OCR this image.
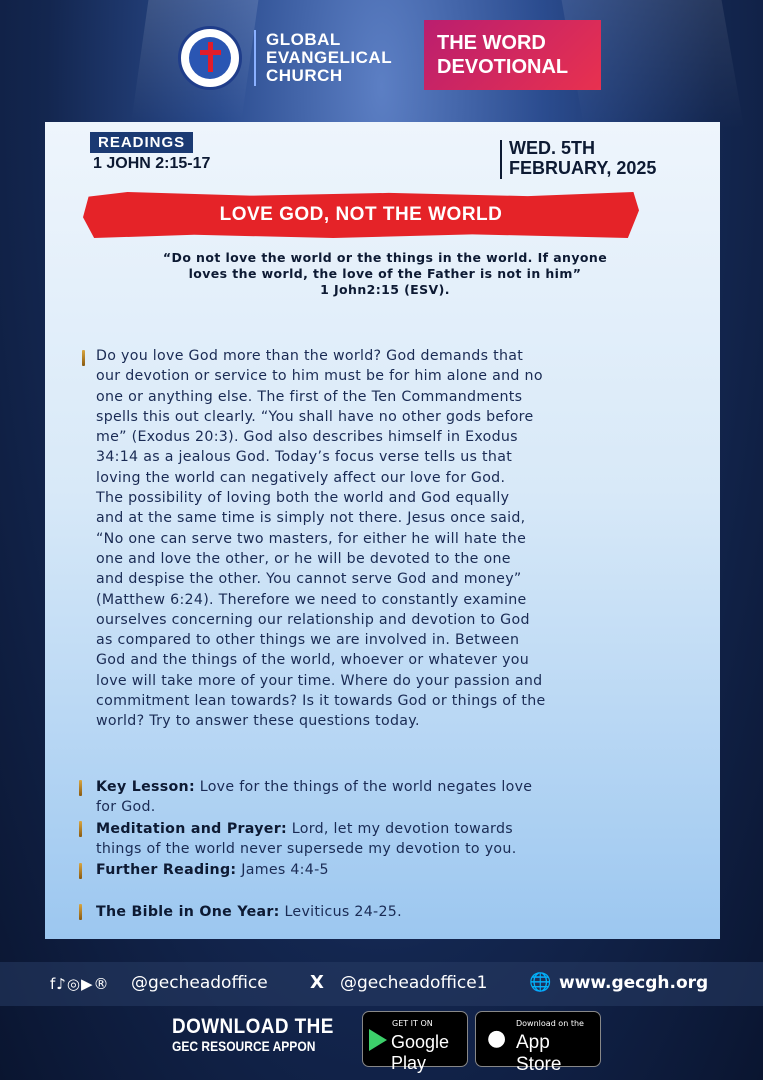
GLOBAL
EVANGELICAL
CHURCH
THE WORD
DEVOTIONAL
READINGS
1 JOHN 2:15-17
WED. 5TH
FEBRUARY, 2025
LOVE GOD, NOT THE WORLD
“Do not love the world or the things in the world. If anyone
loves the world, the love of the Father is not in him”
1 John2:15 (ESV).
Do you love God more than the world? God demands that
our devotion or service to him must be for him alone and no
one or anything else. The first of the Ten Commandments
spells this out clearly. “You shall have no other gods before
me” (Exodus 20:3). God also describes himself in Exodus
34:14 as a jealous God. Today’s focus verse tells us that
loving the world can negatively affect our love for God.
The possibility of loving both the world and God equally
and at the same time is simply not there. Jesus once said,
“No one can serve two masters, for either he will hate the
one and love the other, or he will be devoted to the one
and despise the other. You cannot serve God and money”
(Matthew 6:24). Therefore we need to constantly examine
ourselves concerning our relationship and devotion to God
as compared to other things we are involved in. Between
God and the things of the world, whoever or whatever you
love will take more of your time. Where do your passion and
commitment lean towards? Is it towards God or things of the
world? Try to answer these questions today.
Key Lesson: Love for the things of the world negates love
for God.
Meditation and Prayer: Lord, let my devotion towards
things of the world never supersede my devotion to you.
Further Reading: James 4:4-5
The Bible in One Year: Leviticus 24-25.
f♪◎▶® @gecheadoffice X @gecheadoffice1 🌐 www.gecgh.org
DOWNLOAD THE
GEC RESOURCE APPON
GET IT ON
Google Play
●
Download on the
App Store
